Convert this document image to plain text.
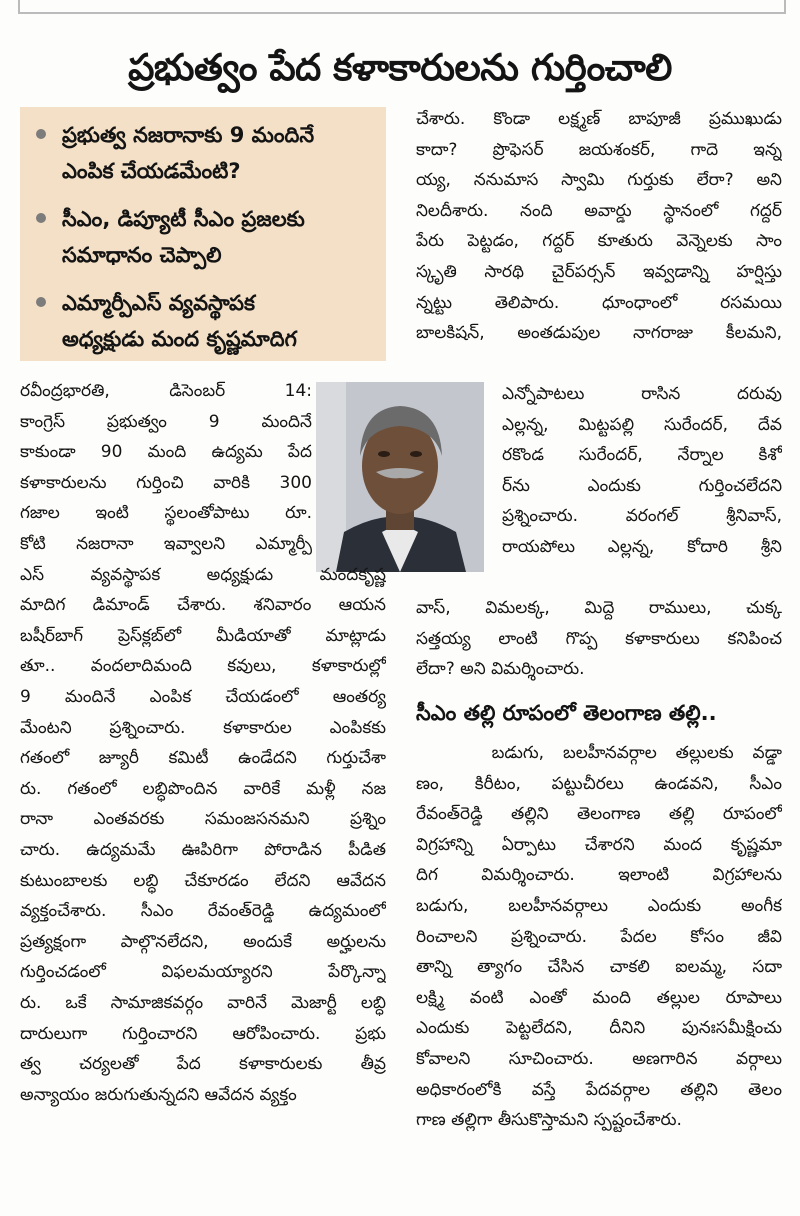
ప్రభుత్వం పేద కళాకారులను గుర్తించాలి
ప్రభుత్వ నజరానాకు 9 మందినే
ఎంపిక చేయడమేంటి?
సీఎం, డిప్యూటీ సీఎం ప్రజలకు
సమాధానం చెప్పాలి
ఎమ్మార్పీఎస్ వ్యవస్థాపక
అధ్యక్షుడు మంద కృష్ణమాదిగ
రవీంద్రభారతి, డిసెంబర్ 14:
కాంగ్రెస్ ప్రభుత్వం 9 మందినే
కాకుండా 90 మంది ఉద్యమ పేద
కళాకారులను గుర్తించి వారికి 300
గజాల ఇంటి స్థలంతోపాటు రూ.
కోటి నజరానా ఇవ్వాలని ఎమ్మార్పీ
ఎస్ వ్యవస్థాపక అధ్యక్షుడు మందకృష్ణ
మాదిగ డిమాండ్ చేశారు. శనివారం ఆయన
బషీర్‌బాగ్ ప్రెస్‌క్లబ్‌లో మీడియాతో మాట్లాడు
తూ.. వందలాదిమంది కవులు, కళాకారుల్లో
9 మందినే ఎంపిక చేయడంలో ఆంతర్య
మేంటని ప్రశ్నించారు. కళాకారుల ఎంపికకు
గతంలో జ్యూరీ కమిటీ ఉండేదని గుర్తుచేశా
రు. గతంలో లబ్ధిపొందిన వారికే మళ్లీ నజ
రానా ఎంతవరకు సమంజసనమని ప్రశ్నిం
చారు. ఉద్యమమే ఊపిరిగా పోరాడిన పీడిత
కుటుంబాలకు లబ్ధి చేకూరడం లేదని ఆవేదన
వ్యక్తంచేశారు. సీఎం రేవంత్‌రెడ్డి ఉద్యమంలో
ప్రత్యక్షంగా పాల్గొనలేదని, అందుకే అర్హులను
గుర్తించడంలో విఫలమయ్యారని పేర్కొన్నా
రు. ఒకే సామాజికవర్గం వారినే మెజార్టీ లబ్ధి
దారులుగా గుర్తించారని ఆరోపించారు. ప్రభు
త్వ చర్యలతో పేద కళాకారులకు తీవ్ర
అన్యాయం జరుగుతున్నదని ఆవేదన వ్యక్తం
చేశారు. కొండా లక్ష్మణ్ బాపూజీ ప్రముఖుడు
కాదా? ప్రొఫెసర్ జయశంకర్, గాదె ఇన్న
య్య, ననుమాస స్వామి గుర్తుకు లేరా? అని
నిలదీశారు. నంది అవార్డు స్థానంలో గద్దర్
పేరు పెట్టడం, గద్దర్ కూతురు వెన్నెలకు సాం
స్కృతి సారథి చైర్‌పర్సన్ ఇవ్వడాన్ని హర్షిస్తు
న్నట్టు తెలిపారు. ధూంధాంలో రసమయి
బాలకిషన్, అంతడుపుల నాగరాజు కీలమని,
ఎన్నోపాటలు రాసిన దరువు
ఎల్లన్న, మిట్టపల్లి సురేందర్, దేవ
రకొండ సురేందర్, నేర్నాల కిశో
ర్‌ను ఎందుకు గుర్తించలేదని
ప్రశ్నించారు. వరంగల్ శ్రీనివాస్,
రాయపోలు ఎల్లన్న, కోదారి శ్రీని
వాస్, విమలక్క, మిద్దె రాములు, చుక్క
సత్తయ్య లాంటి గొప్ప కళాకారులు కనిపించ
లేదా? అని విమర్శించారు.
సీఎం తల్లి రూపంలో తెలంగాణ తల్లి..
బడుగు, బలహీనవర్గాల తల్లులకు వడ్డా
ణం, కిరీటం, పట్టుచీరలు ఉండవని, సీఎం
రేవంత్‌రెడ్డి తల్లిని తెలంగాణ తల్లి రూపంలో
విగ్రహాన్ని ఏర్పాటు చేశారని మంద కృష్ణమా
దిగ విమర్శించారు. ఇలాంటి విగ్రహాలను
బడుగు, బలహీనవర్గాలు ఎందుకు అంగీక
రించాలని ప్రశ్నించారు. పేదల కోసం జీవి
తాన్ని త్యాగం చేసిన చాకలి ఐలమ్మ, సదా
లక్ష్మి వంటి ఎంతో మంది తల్లుల రూపాలు
ఎందుకు పెట్టలేదని, దీనిని పునఃసమీక్షించు
కోవాలని సూచించారు. అణగారిన వర్గాలు
అధికారంలోకి వస్తే పేదవర్గాల తల్లిని తెలం
గాణ తల్లిగా తీసుకొస్తామని స్పష్టంచేశారు.
